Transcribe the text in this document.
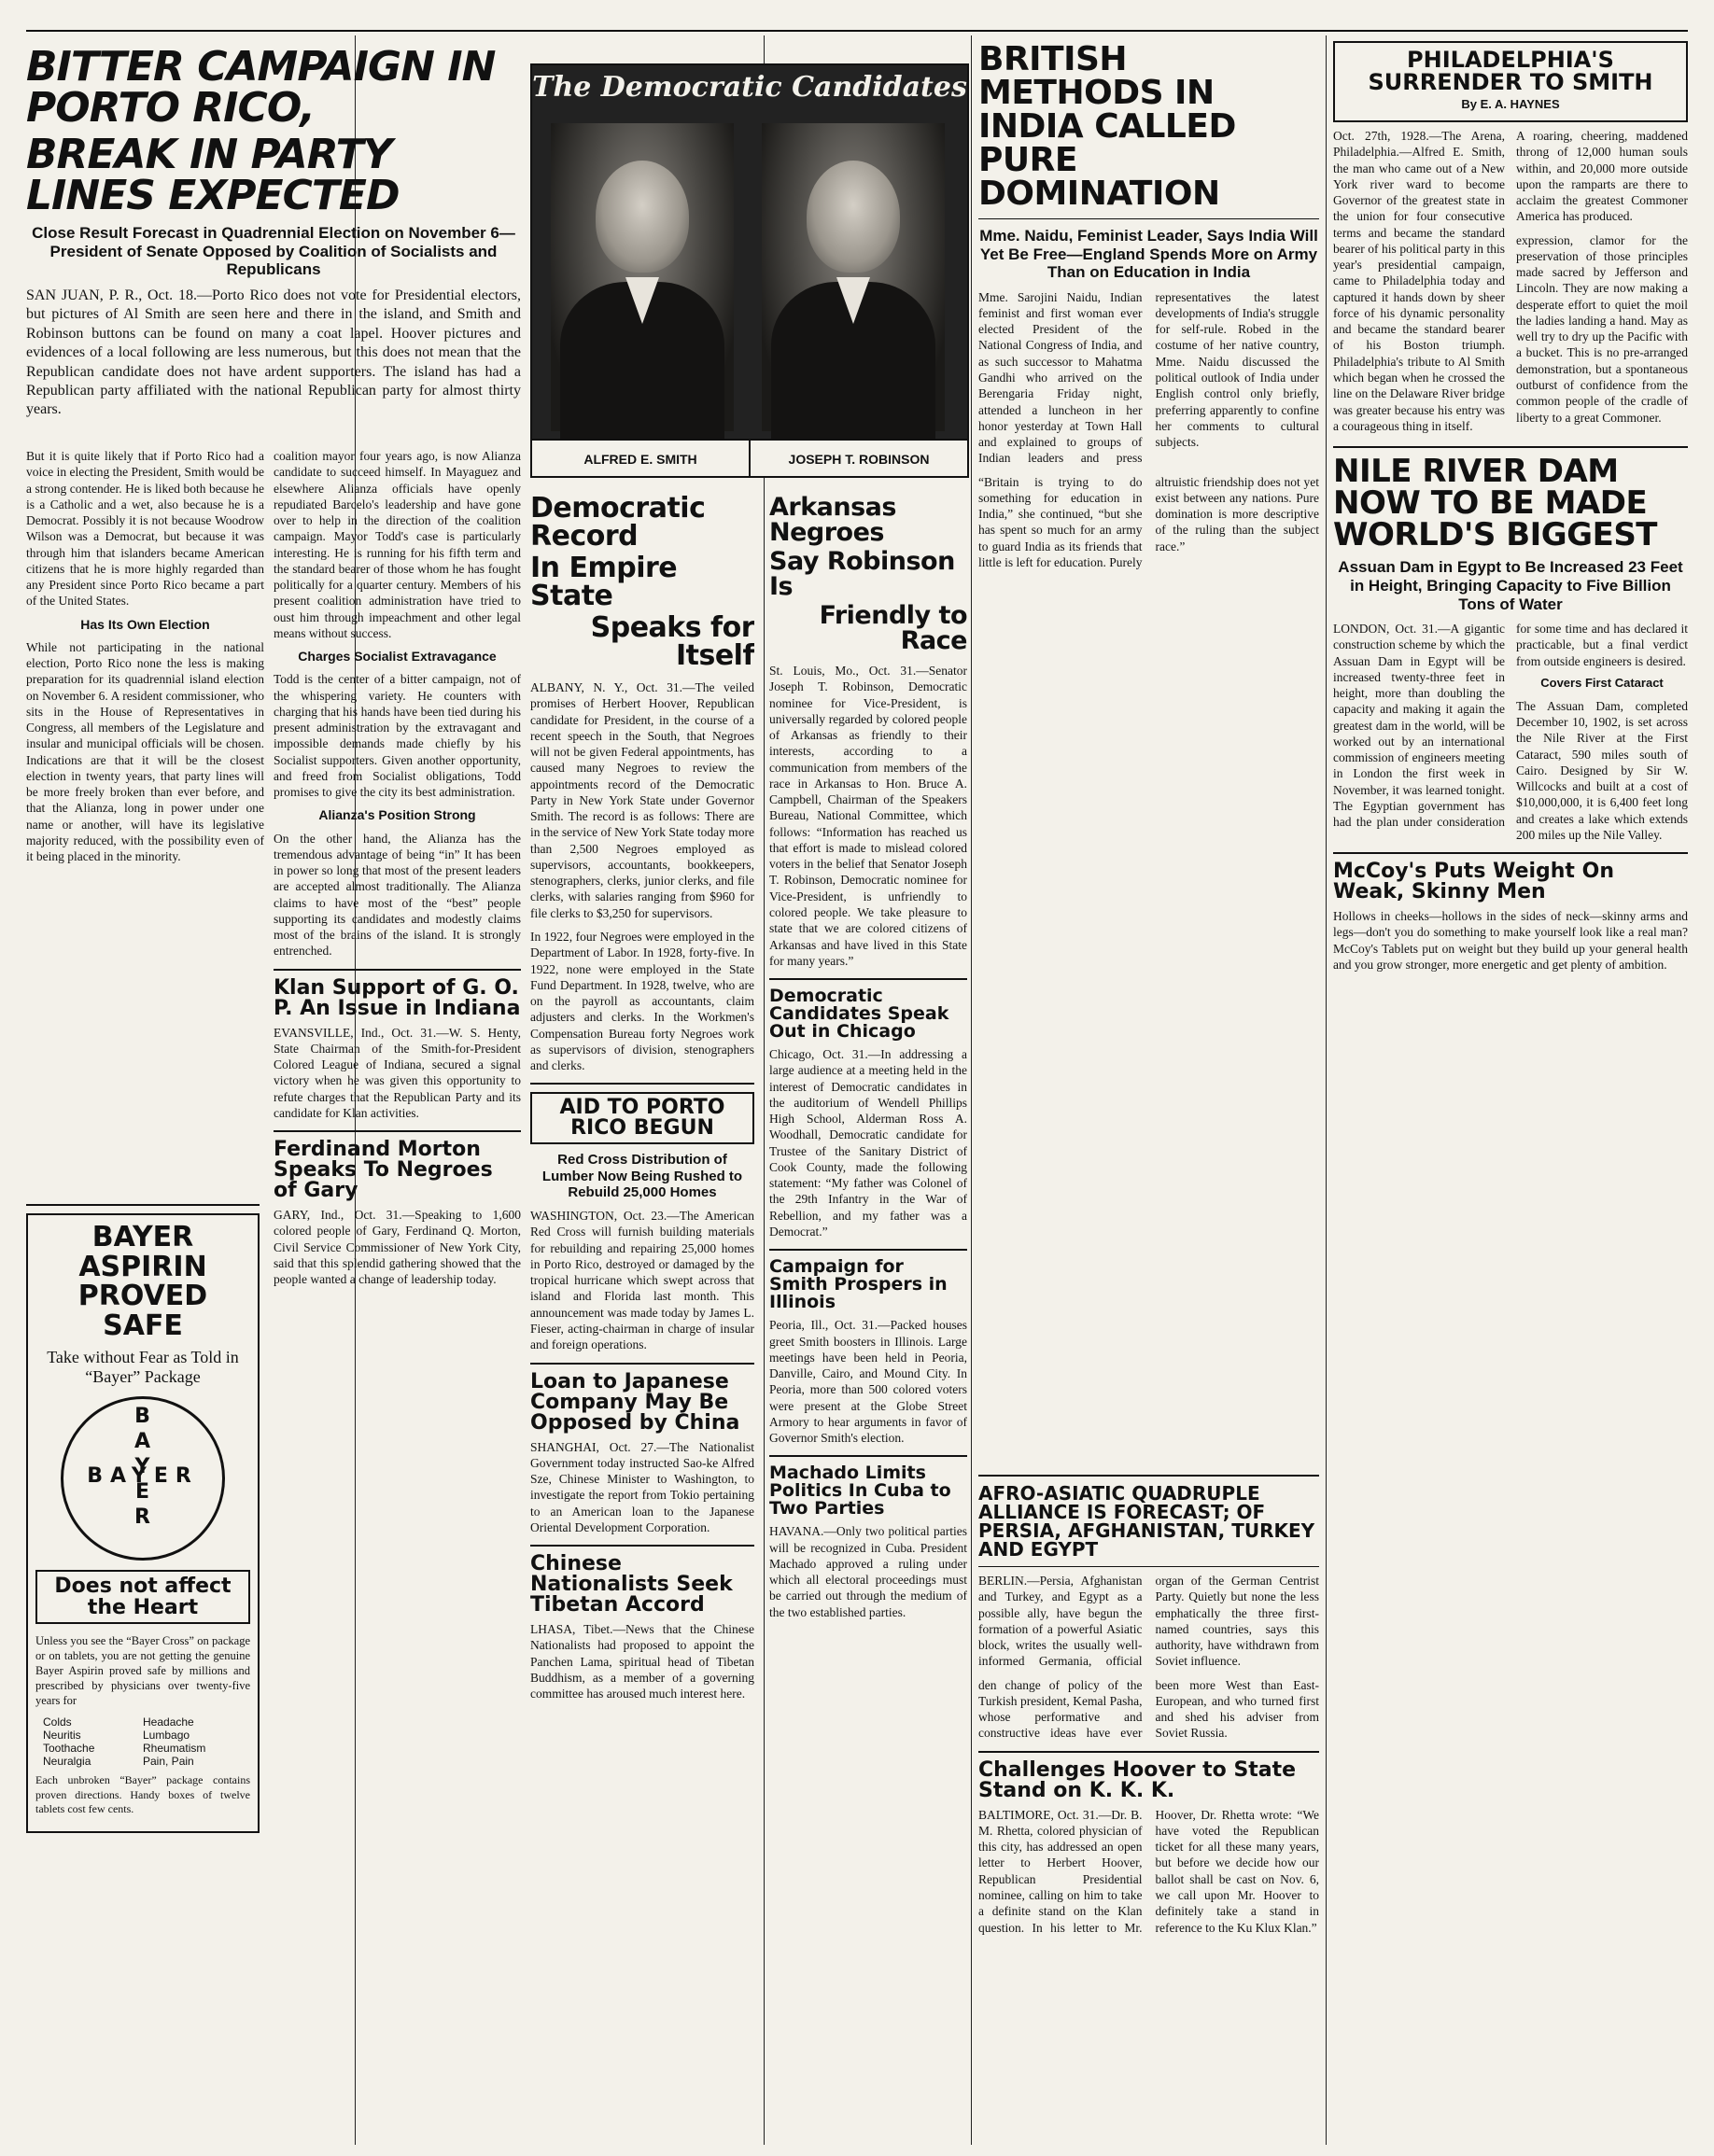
BITTER CAMPAIGN IN PORTO RICO,
BREAK IN PARTY LINES EXPECTED

Close Result Forecast in Quadrennial Election on November 6—President of Senate Opposed by Coalition of Socialists and Republicans

SAN JUAN, P. R., Oct. 18.—Porto Rico does not vote for Presidential electors, but pictures of Al Smith are seen here and there in the island, and Smith and Robinson buttons can be found on many a coat lapel. Hoover pictures and evidences of a local following are less numerous, but this does not mean that the Republican candidate does not have ardent supporters. The island has had a Republican party affiliated with the national Republican party for almost thirty years.

But it is quite likely that if Porto Rico had a voice in electing the President, Smith would be a strong contender. He is liked both because he is a Catholic and a wet, also because he is a Democrat. Possibly it is not because Woodrow Wilson was a Democrat, but because it was through him that islanders became American citizens that he is more highly regarded than any President since Porto Rico became a part of the United States.

Has Its Own Election

While not participating in the national election, Porto Rico none the less is making preparation for its quadrennial island election on November 6. A resident commissioner, who sits in the House of Representatives in Congress, all members of the Legislature and insular and municipal officials will be chosen. Indications are that it will be the closest election in twenty years, that party lines will be more freely broken than ever before, and that the Alianza, long in power under one name or another, will have its legislative majority reduced, with the possibility even of it being placed in the minority.

coalition mayor four years ago, is now Alianza candidate to succeed himself. In Mayaguez and elsewhere Alianza officials have openly repudiated Barcelo's leadership and have gone over to help in the direction of the coalition campaign. Mayor Todd's case is particularly interesting. He is running for his fifth term and the standard bearer of those whom he has fought politically for a quarter century. Members of his present coalition administration have tried to oust him through impeachment and other legal means without success.

Charges Socialist Extravagance

Todd is the center of a bitter campaign, not of the whispering variety. He counters with charging that his hands have been tied during his present administration by the extravagant and impossible demands made chiefly by his Socialist supporters. Given another opportunity, and freed from Socialist obligations, Todd promises to give the city its best administration.

Alianza's Position Strong

On the other hand, the Alianza has the tremendous advantage of being “in” It has been in power so long that most of the present leaders are accepted almost traditionally. The Alianza claims to have most of the “best” people supporting its candidates and modestly claims most of the brains of the island. It is strongly entrenched.

Klan Support of G. O. P. An Issue in Indiana

EVANSVILLE, Ind., Oct. 31.—W. S. Henty, State Chairman of the Smith-for-President Colored League of Indiana, secured a signal victory when he was given this opportunity to refute charges that the Republican Party and its candidate for Klan activities.

Ferdinand Morton Speaks To Negroes of Gary

GARY, Ind., Oct. 31.—Speaking to 1,600 colored people of Gary, Ferdinand Q. Morton, Civil Service Commissioner of New York City, said that this splendid gathering showed that the people wanted a change of leadership today.

BAYER ASPIRIN PROVED SAFE
Take without Fear as Told in “Bayer” Package
BAYER
BAYER
Does not affect the Heart

Unless you see the “Bayer Cross” on package or on tablets, you are not getting the genuine Bayer Aspirin proved safe by millions and prescribed by physicians over twenty-five years for

Colds	Headache
Neuritis	Lumbago
Toothache	Rheumatism
Neuralgia	Pain, Pain

Each unbroken “Bayer” package contains proven directions. Handy boxes of twelve tablets cost few cents.

The Democratic Candidates
ALFRED E. SMITH	JOSEPH T. ROBINSON
Democratic Record
In Empire State
Speaks for Itself

ALBANY, N. Y., Oct. 31.—The veiled promises of Herbert Hoover, Republican candidate for President, in the course of a recent speech in the South, that Negroes will not be given Federal appointments, has caused many Negroes to review the appointments record of the Democratic Party in New York State under Governor Smith. The record is as follows: There are in the service of New York State today more than 2,500 Negroes employed as supervisors, accountants, bookkeepers, stenographers, clerks, junior clerks, and file clerks, with salaries ranging from $960 for file clerks to $3,250 for supervisors.

In 1922, four Negroes were employed in the Department of Labor. In 1928, forty-five. In 1922, none were employed in the State Fund Department. In 1928, twelve, who are on the payroll as accountants, claim adjusters and clerks. In the Workmen's Compensation Bureau forty Negroes work as supervisors of division, stenographers and clerks.

AID TO PORTO RICO BEGUN

Red Cross Distribution of Lumber Now Being Rushed to Rebuild 25,000 Homes

WASHINGTON, Oct. 23.—The American Red Cross will furnish building materials for rebuilding and repairing 25,000 homes in Porto Rico, destroyed or damaged by the tropical hurricane which swept across that island and Florida last month. This announcement was made today by James L. Fieser, acting-chairman in charge of insular and foreign operations.

Loan to Japanese Company May Be Opposed by China

SHANGHAI, Oct. 27.—The Nationalist Government today instructed Sao-ke Alfred Sze, Chinese Minister to Washington, to investigate the report from Tokio pertaining to an American loan to the Japanese Oriental Development Corporation.

Chinese Nationalists Seek Tibetan Accord

LHASA, Tibet.—News that the Chinese Nationalists had proposed to appoint the Panchen Lama, spiritual head of Tibetan Buddhism, as a member of a governing committee has aroused much interest here.

Arkansas Negroes
Say Robinson Is
Friendly to Race

St. Louis, Mo., Oct. 31.—Senator Joseph T. Robinson, Democratic nominee for Vice-President, is universally regarded by colored people of Arkansas as friendly to their interests, according to a communication from members of the race in Arkansas to Hon. Bruce A. Campbell, Chairman of the Speakers Bureau, National Committee, which follows: “Information has reached us that effort is made to mislead colored voters in the belief that Senator Joseph T. Robinson, Democratic nominee for Vice-President, is unfriendly to colored people. We take pleasure to state that we are colored citizens of Arkansas and have lived in this State for many years.”

Democratic Candidates Speak Out in Chicago

Chicago, Oct. 31.—In addressing a large audience at a meeting held in the interest of Democratic candidates in the auditorium of Wendell Phillips High School, Alderman Ross A. Woodhall, Democratic candidate for Trustee of the Sanitary District of Cook County, made the following statement: “My father was Colonel of the 29th Infantry in the War of Rebellion, and my father was a Democrat.”

Campaign for Smith Prospers in Illinois

Peoria, Ill., Oct. 31.—Packed houses greet Smith boosters in Illinois. Large meetings have been held in Peoria, Danville, Cairo, and Mound City. In Peoria, more than 500 colored voters were present at the Globe Street Armory to hear arguments in favor of Governor Smith's election.

Machado Limits Politics In Cuba to Two Parties

HAVANA.—Only two political parties will be recognized in Cuba. President Machado approved a ruling under which all electoral proceedings must be carried out through the medium of the two established parties.

BRITISH METHODS IN INDIA CALLED PURE DOMINATION

Mme. Naidu, Feminist Leader, Says India Will Yet Be Free—England Spends More on Army Than on Education in India

Mme. Sarojini Naidu, Indian feminist and first woman ever elected President of the National Congress of India, and as such successor to Mahatma Gandhi who arrived on the Berengaria Friday night, attended a luncheon in her honor yesterday at Town Hall and explained to groups of Indian leaders and press representatives the latest developments of India's struggle for self-rule. Robed in the costume of her native country, Mme. Naidu discussed the political outlook of India under English control only briefly, preferring apparently to confine her comments to cultural subjects.

“Britain is trying to do something for education in India,” she continued, “but she has spent so much for an army to guard India as its friends that little is left for education. Purely altruistic friendship does not yet exist between any nations. Pure domination is more descriptive of the ruling than the subject race.”

AFRO-ASIATIC QUADRUPLE ALLIANCE IS FORECAST; OF PERSIA, AFGHANISTAN, TURKEY AND EGYPT

BERLIN.—Persia, Afghanistan and Turkey, and Egypt as a possible ally, have begun the formation of a powerful Asiatic block, writes the usually well-informed Germania, official organ of the German Centrist Party. Quietly but none the less emphatically the three first-named countries, says this authority, have withdrawn from Soviet influence.

den change of policy of the Turkish president, Kemal Pasha, whose performative and constructive ideas have ever been more West than East-European, and who turned first and shed his adviser from Soviet Russia.

Challenges Hoover to State Stand on K. K. K.

BALTIMORE, Oct. 31.—Dr. B. M. Rhetta, colored physician of this city, has addressed an open letter to Herbert Hoover, Republican Presidential nominee, calling on him to take a definite stand on the Klan question. In his letter to Mr. Hoover, Dr. Rhetta wrote: “We have voted the Republican ticket for all these many years, but before we decide how our ballot shall be cast on Nov. 6, we call upon Mr. Hoover to definitely take a stand in reference to the Ku Klux Klan.”

PHILADELPHIA'S SURRENDER TO SMITH
By E. A. HAYNES

Oct. 27th, 1928.—The Arena, Philadelphia.—Alfred E. Smith, the man who came out of a New York river ward to become Governor of the greatest state in the union for four consecutive terms and became the standard bearer of his political party in this year's presidential campaign, came to Philadelphia today and captured it hands down by sheer force of his dynamic personality and became the standard bearer of his Boston triumph. Philadelphia's tribute to Al Smith which began when he crossed the line on the Delaware River bridge was greater because his entry was a courageous thing in itself.

A roaring, cheering, maddened throng of 12,000 human souls within, and 20,000 more outside upon the ramparts are there to acclaim the greatest Commoner America has produced.

expression, clamor for the preservation of those principles made sacred by Jefferson and Lincoln. They are now making a desperate effort to quiet the moil the ladies landing a hand. May as well try to dry up the Pacific with a bucket. This is no pre-arranged demonstration, but a spontaneous outburst of confidence from the common people of the cradle of liberty to a great Commoner.

NILE RIVER DAM NOW TO BE MADE WORLD'S BIGGEST

Assuan Dam in Egypt to Be Increased 23 Feet in Height, Bringing Capacity to Five Billion Tons of Water

LONDON, Oct. 31.—A gigantic construction scheme by which the Assuan Dam in Egypt will be increased twenty-three feet in height, more than doubling the capacity and making it again the greatest dam in the world, will be worked out by an international commission of engineers meeting in London the first week in November, it was learned tonight. The Egyptian government has had the plan under consideration for some time and has declared it practicable, but a final verdict from outside engineers is desired.

Covers First Cataract

The Assuan Dam, completed December 10, 1902, is set across the Nile River at the First Cataract, 590 miles south of Cairo. Designed by Sir W. Willcocks and built at a cost of $10,000,000, it is 6,400 feet long and creates a lake which extends 200 miles up the Nile Valley.

McCoy's Puts Weight On Weak, Skinny Men

Hollows in cheeks—hollows in the sides of neck—skinny arms and legs—don't you do something to make yourself look like a real man? McCoy's Tablets put on weight but they build up your general health and you grow stronger, more energetic and get plenty of ambition.
